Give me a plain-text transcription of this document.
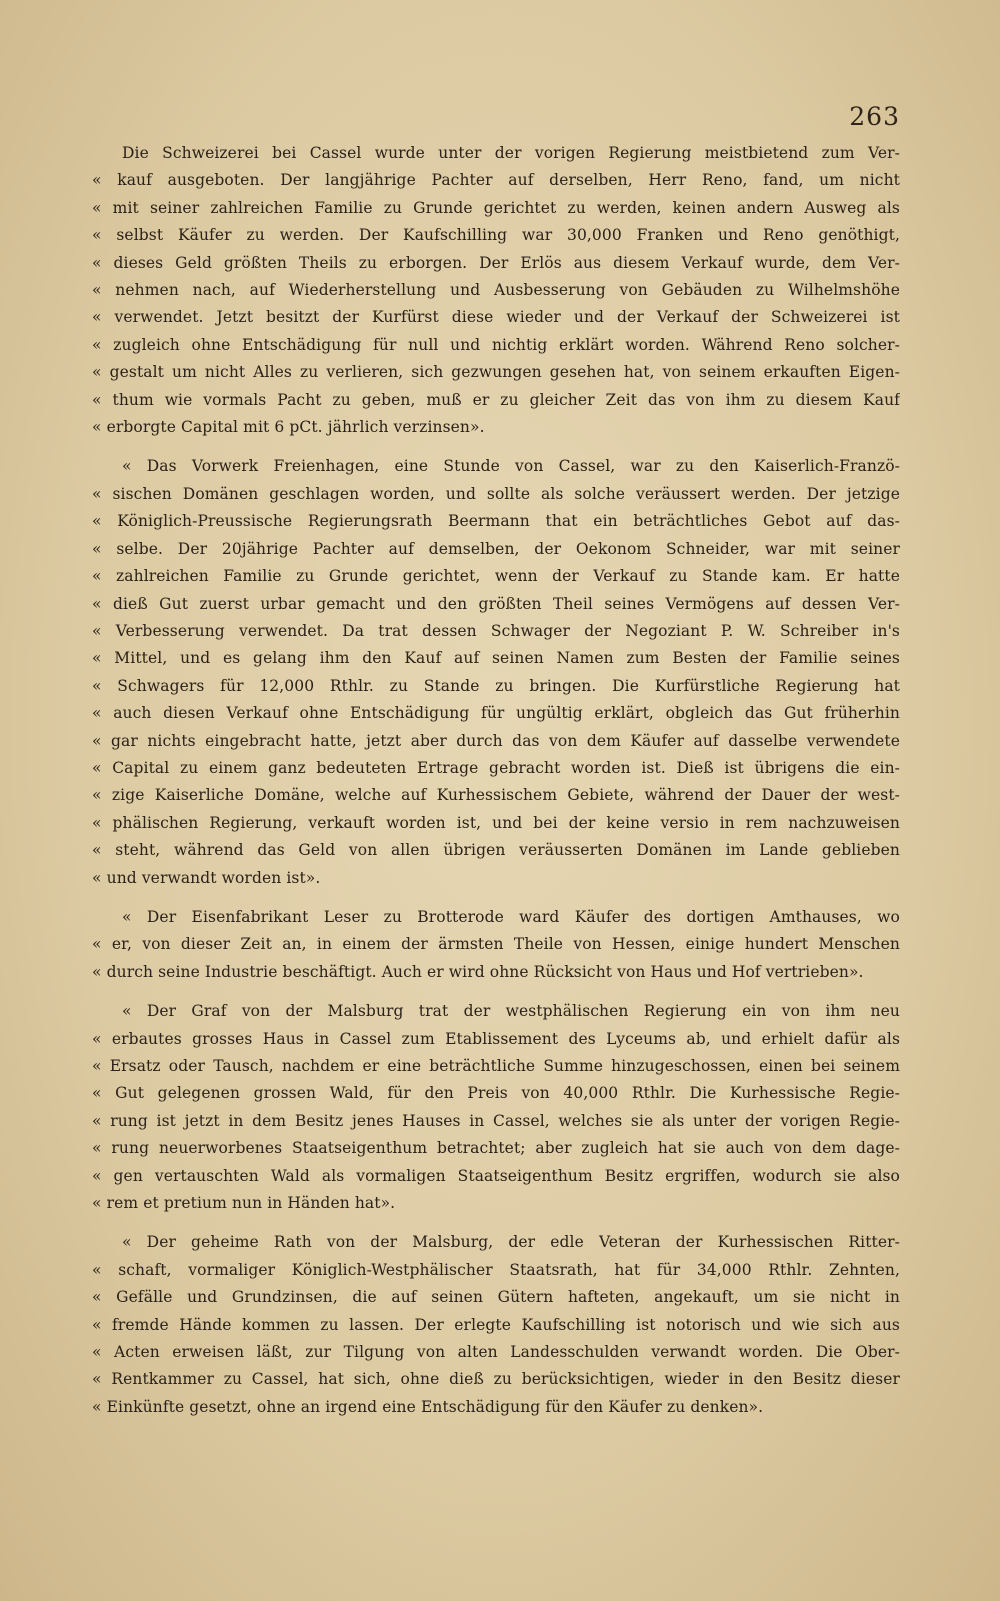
263
Die Schweizerei bei Cassel wurde unter der vorigen Regierung meistbietend zum Ver-
« kauf ausgeboten. Der langjährige Pachter auf derselben, Herr Reno, fand, um nicht
« mit seiner zahlreichen Familie zu Grunde gerichtet zu werden, keinen andern Ausweg als
« selbst Käufer zu werden. Der Kaufschilling war 30,000 Franken und Reno genöthigt,
« dieses Geld größten Theils zu erborgen. Der Erlös aus diesem Verkauf wurde, dem Ver-
« nehmen nach, auf Wiederherstellung und Ausbesserung von Gebäuden zu Wilhelmshöhe
« verwendet. Jetzt besitzt der Kurfürst diese wieder und der Verkauf der Schweizerei ist
« zugleich ohne Entschädigung für null und nichtig erklärt worden. Während Reno solcher-
« gestalt um nicht Alles zu verlieren, sich gezwungen gesehen hat, von seinem erkauften Eigen-
« thum wie vormals Pacht zu geben, muß er zu gleicher Zeit das von ihm zu diesem Kauf
« erborgte Capital mit 6 pCt. jährlich verzinsen».
« Das Vorwerk Freienhagen, eine Stunde von Cassel, war zu den Kaiserlich-Franzö-
« sischen Domänen geschlagen worden, und sollte als solche veräussert werden. Der jetzige
« Königlich-Preussische Regierungsrath Beermann that ein beträchtliches Gebot auf das-
« selbe. Der 20jährige Pachter auf demselben, der Oekonom Schneider, war mit seiner
« zahlreichen Familie zu Grunde gerichtet, wenn der Verkauf zu Stande kam. Er hatte
« dieß Gut zuerst urbar gemacht und den größten Theil seines Vermögens auf dessen Ver-
« Verbesserung verwendet. Da trat dessen Schwager der Negoziant P. W. Schreiber in's
« Mittel, und es gelang ihm den Kauf auf seinen Namen zum Besten der Familie seines
« Schwagers für 12,000 Rthlr. zu Stande zu bringen. Die Kurfürstliche Regierung hat
« auch diesen Verkauf ohne Entschädigung für ungültig erklärt, obgleich das Gut früherhin
« gar nichts eingebracht hatte, jetzt aber durch das von dem Käufer auf dasselbe verwendete
« Capital zu einem ganz bedeuteten Ertrage gebracht worden ist. Dieß ist übrigens die ein-
« zige Kaiserliche Domäne, welche auf Kurhessischem Gebiete, während der Dauer der west-
« phälischen Regierung, verkauft worden ist, und bei der keine versio in rem nachzuweisen
« steht, während das Geld von allen übrigen veräusserten Domänen im Lande geblieben
« und verwandt worden ist».
« Der Eisenfabrikant Leser zu Brotterode ward Käufer des dortigen Amthauses, wo
« er, von dieser Zeit an, in einem der ärmsten Theile von Hessen, einige hundert Menschen
« durch seine Industrie beschäftigt. Auch er wird ohne Rücksicht von Haus und Hof vertrieben».
« Der Graf von der Malsburg trat der westphälischen Regierung ein von ihm neu
« erbautes grosses Haus in Cassel zum Etablissement des Lyceums ab, und erhielt dafür als
« Ersatz oder Tausch, nachdem er eine beträchtliche Summe hinzugeschossen, einen bei seinem
« Gut gelegenen grossen Wald, für den Preis von 40,000 Rthlr. Die Kurhessische Regie-
« rung ist jetzt in dem Besitz jenes Hauses in Cassel, welches sie als unter der vorigen Regie-
« rung neuerworbenes Staatseigenthum betrachtet; aber zugleich hat sie auch von dem dage-
« gen vertauschten Wald als vormaligen Staatseigenthum Besitz ergriffen, wodurch sie also
« rem et pretium nun in Händen hat».
« Der geheime Rath von der Malsburg, der edle Veteran der Kurhessischen Ritter-
« schaft, vormaliger Königlich-Westphälischer Staatsrath, hat für 34,000 Rthlr. Zehnten,
« Gefälle und Grundzinsen, die auf seinen Gütern hafteten, angekauft, um sie nicht in
« fremde Hände kommen zu lassen. Der erlegte Kaufschilling ist notorisch und wie sich aus
« Acten erweisen läßt, zur Tilgung von alten Landesschulden verwandt worden. Die Ober-
« Rentkammer zu Cassel, hat sich, ohne dieß zu berücksichtigen, wieder in den Besitz dieser
« Einkünfte gesetzt, ohne an irgend eine Entschädigung für den Käufer zu denken».
